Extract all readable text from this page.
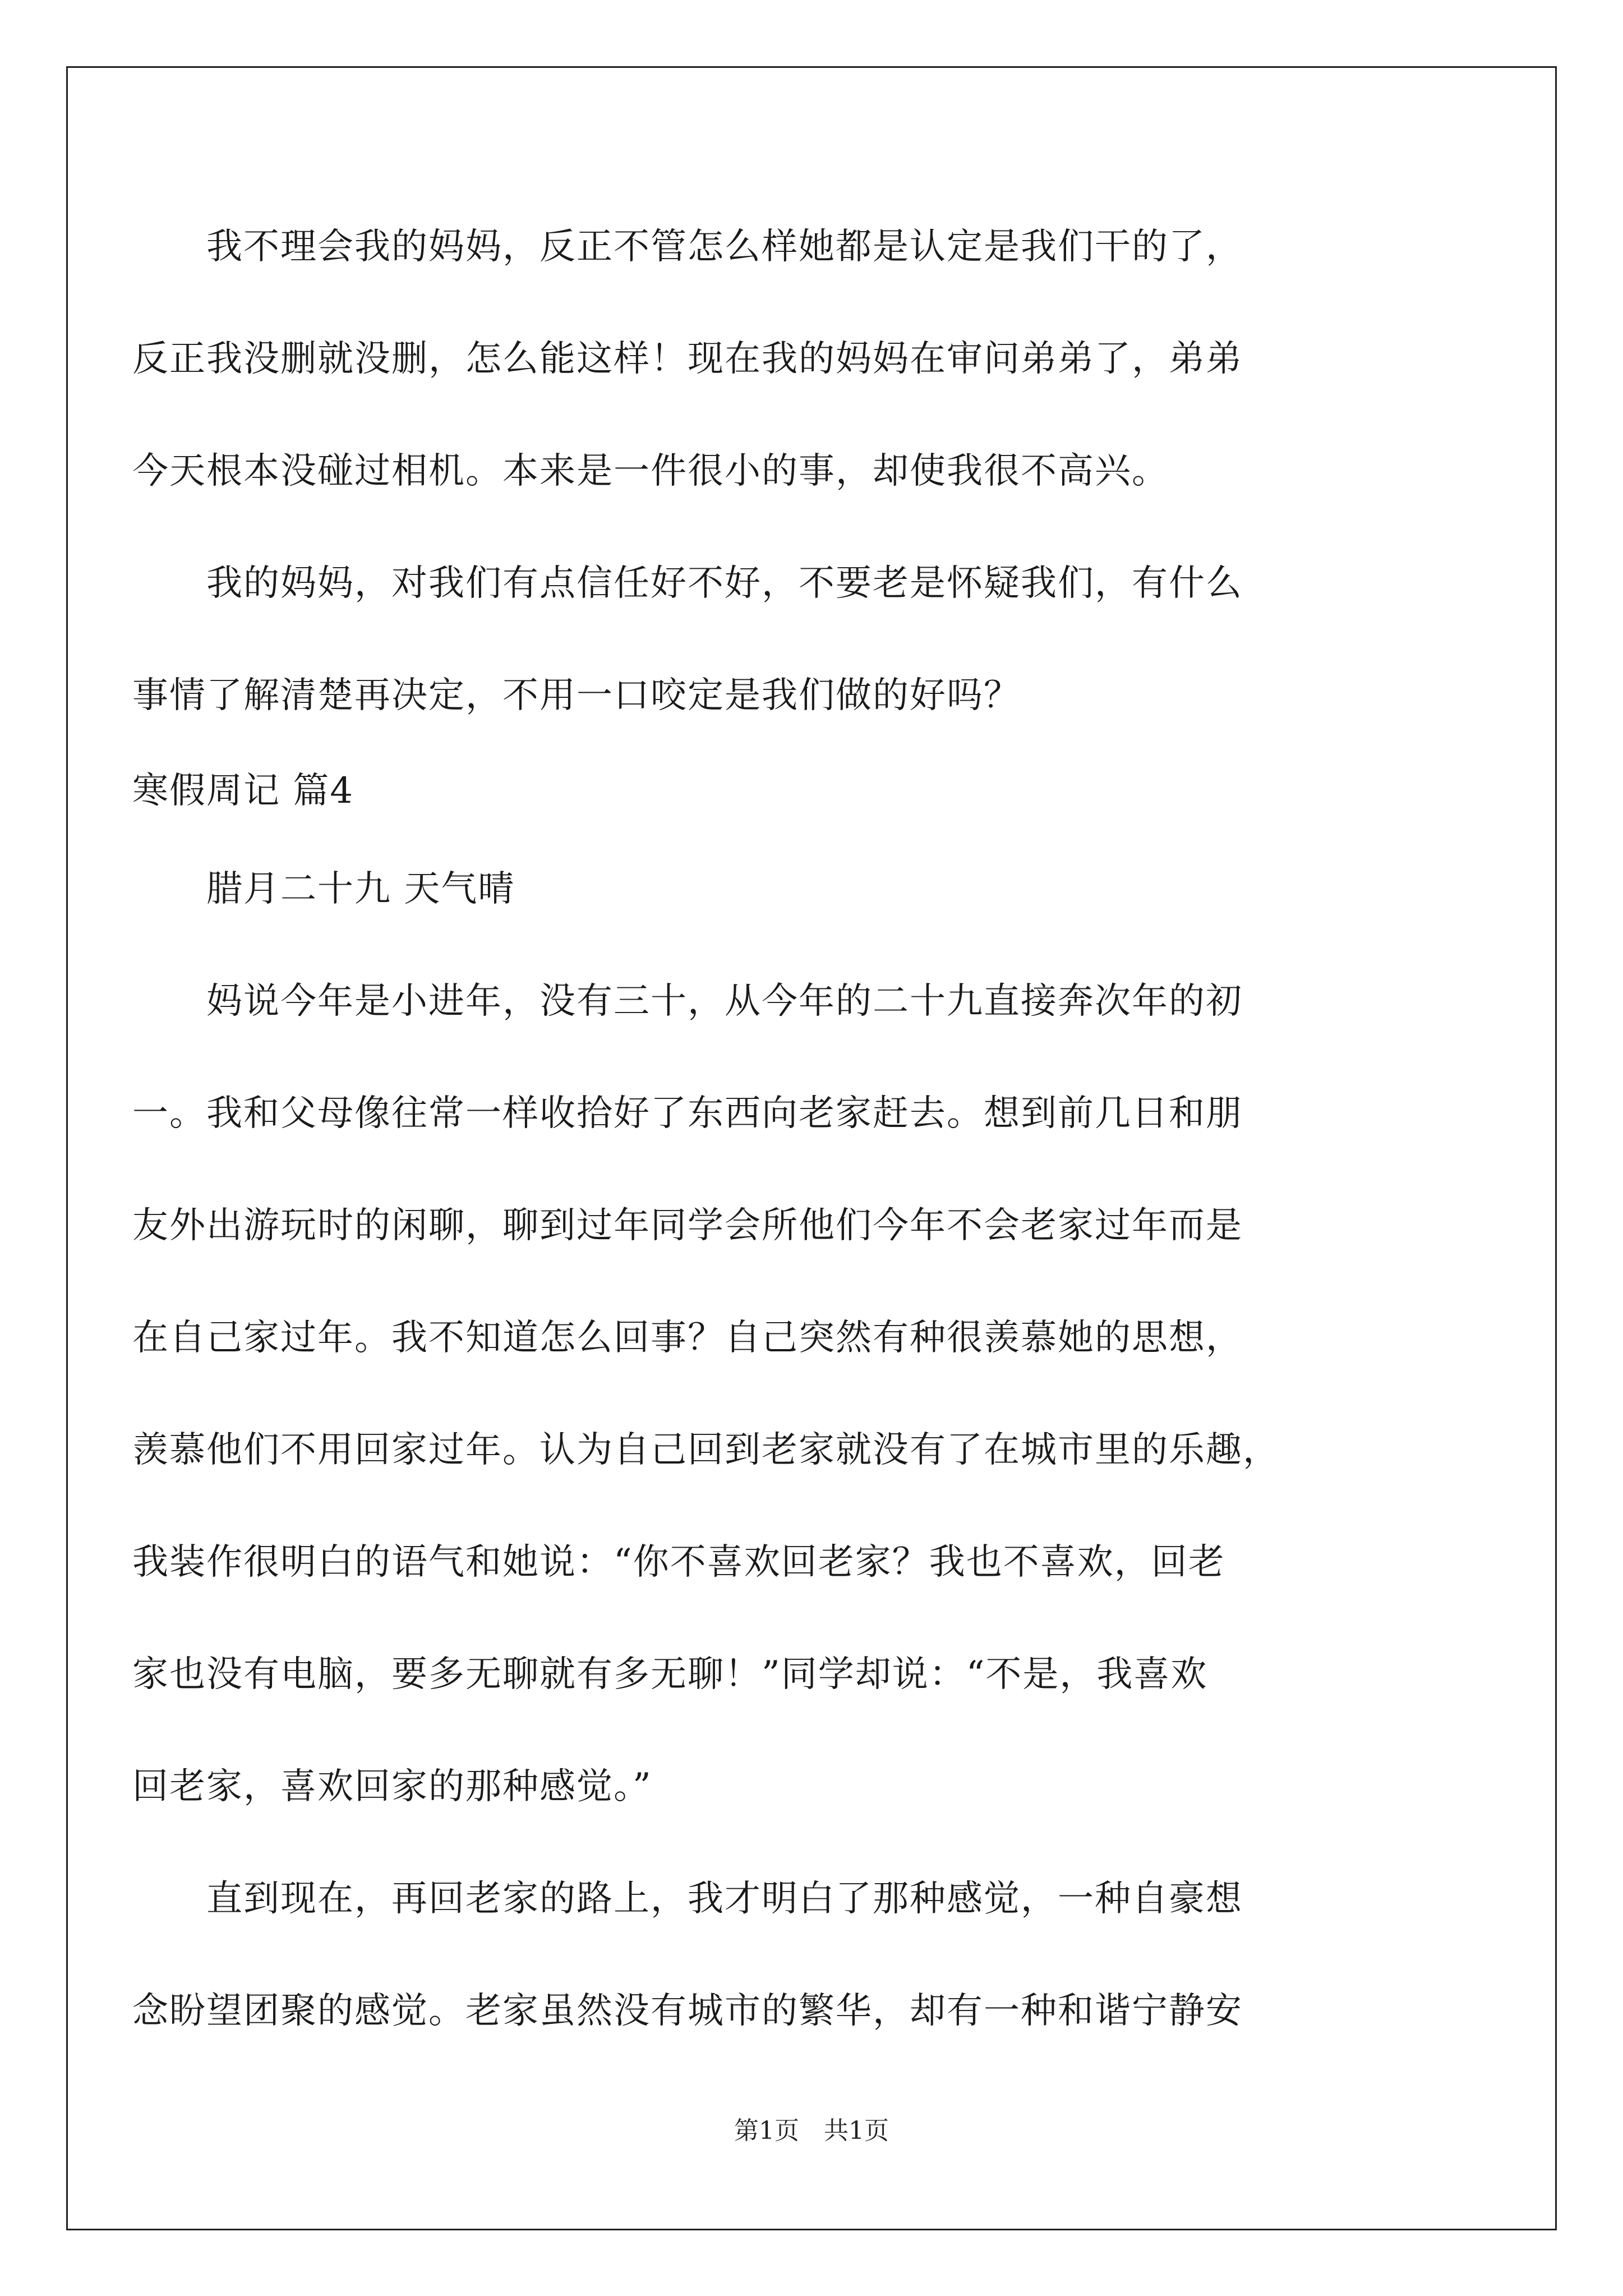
　　我不理会我的妈妈，反正不管怎么样她都是认定是我们干的了，
反正我没删就没删，怎么能这样！现在我的妈妈在审问弟弟了，弟弟
今天根本没碰过相机。本来是一件很小的事，却使我很不高兴。
　　我的妈妈，对我们有点信任好不好，不要老是怀疑我们，有什么
事情了解清楚再决定，不用一口咬定是我们做的好吗？
寒假周记 篇4
　　腊月二十九 天气晴
　　妈说今年是小进年，没有三十，从今年的二十九直接奔次年的初
一。我和父母像往常一样收拾好了东西向老家赶去。想到前几日和朋
友外出游玩时的闲聊，聊到过年同学会所他们今年不会老家过年而是
在自己家过年。我不知道怎么回事？自己突然有种很羡慕她的思想，
羡慕他们不用回家过年。认为自己回到老家就没有了在城市里的乐趣，
我装作很明白的语气和她说：“你不喜欢回老家？我也不喜欢，回老
家也没有电脑，要多无聊就有多无聊！”同学却说：“不是，我喜欢
回老家，喜欢回家的那种感觉。”
　　直到现在，再回老家的路上，我才明白了那种感觉，一种自豪想
念盼望团聚的感觉。老家虽然没有城市的繁华，却有一种和谐宁静安
第1页　共1页
